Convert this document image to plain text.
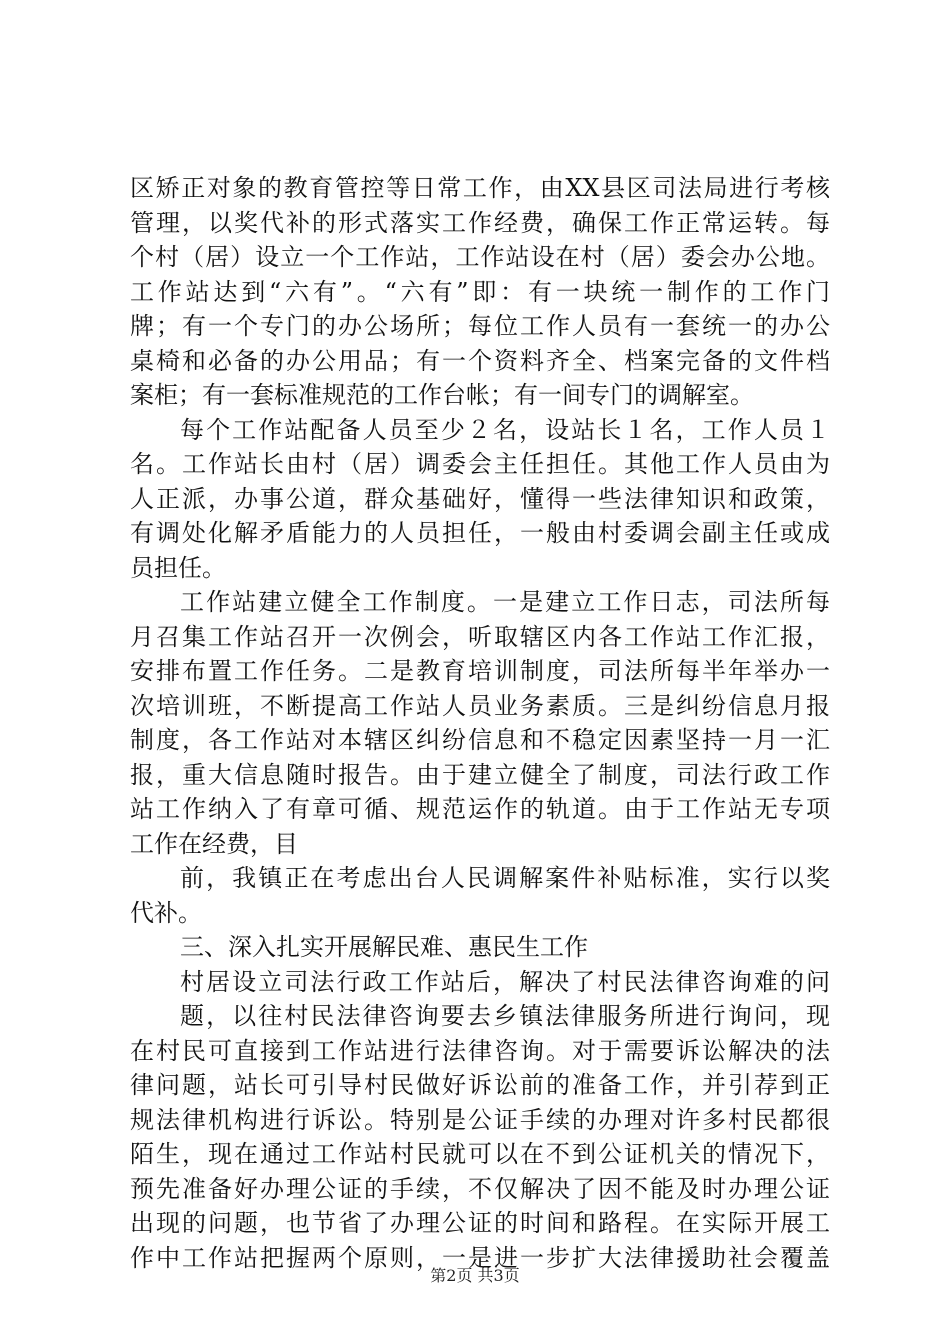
区矫正对象的教育管控等日常工作，由XX县区司法局进行考核
管理，以奖代补的形式落实工作经费，确保工作正常运转。每
个村（居）设立一个工作站，工作站设在村（居）委会办公地。
工作站达到“六有”。“六有”即：有一块统一制作的工作门
牌；有一个专门的办公场所；每位工作人员有一套统一的办公
桌椅和必备的办公用品；有一个资料齐全、档案完备的文件档
案柜；有一套标准规范的工作台帐；有一间专门的调解室。
每个工作站配备人员至少２名，设站长１名，工作人员１
名。工作站长由村（居）调委会主任担任。其他工作人员由为
人正派，办事公道，群众基础好，懂得一些法律知识和政策，
有调处化解矛盾能力的人员担任，一般由村委调会副主任或成
员担任。
工作站建立健全工作制度。一是建立工作日志，司法所每
月召集工作站召开一次例会，听取辖区内各工作站工作汇报，
安排布置工作任务。二是教育培训制度，司法所每半年举办一
次培训班，不断提高工作站人员业务素质。三是纠纷信息月报
制度，各工作站对本辖区纠纷信息和不稳定因素坚持一月一汇
报，重大信息随时报告。由于建立健全了制度，司法行政工作
站工作纳入了有章可循、规范运作的轨道。由于工作站无专项
工作在经费，目
前，我镇正在考虑出台人民调解案件补贴标准，实行以奖
代补。
三、深入扎实开展解民难、惠民生工作
村居设立司法行政工作站后，解决了村民法律咨询难的问
题，以往村民法律咨询要去乡镇法律服务所进行询问，现
在村民可直接到工作站进行法律咨询。对于需要诉讼解决的法
律问题，站长可引导村民做好诉讼前的准备工作，并引荐到正
规法律机构进行诉讼。特别是公证手续的办理对许多村民都很
陌生，现在通过工作站村民就可以在不到公证机关的情况下，
预先准备好办理公证的手续，不仅解决了因不能及时办理公证
出现的问题，也节省了办理公证的时间和路程。在实际开展工
作中工作站把握两个原则，一是进一步扩大法律援助社会覆盖
第2页 共3页
